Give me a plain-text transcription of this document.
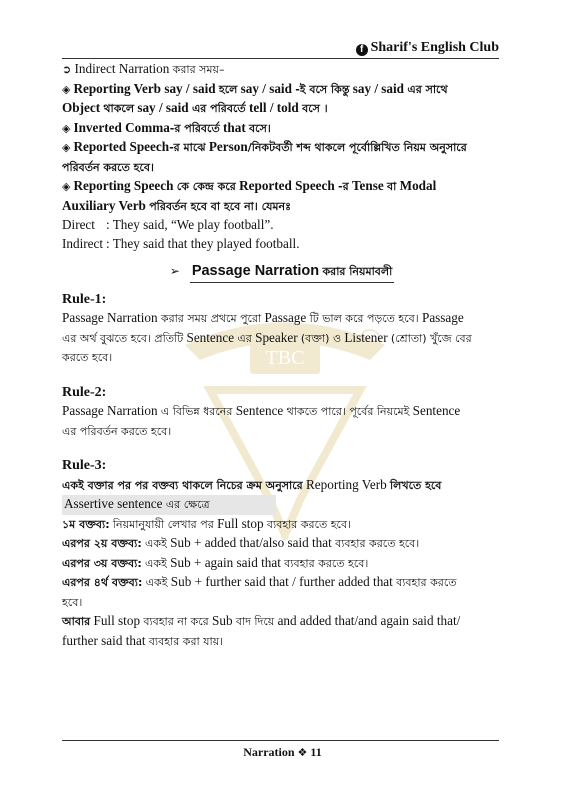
TBC
f Sharif's English Club
➲ Indirect Narration করার সময়–
◈ Reporting Verb say / said হলে say / said -ই বসে কিন্তু say / said এর সাথে
Object থাকলে say / said এর পরিবর্তে tell / told বসে ।
◈ Inverted Comma-র পরিবর্তে that বসে।
◈ Reported Speech-র মাঝে Person/নিকটবর্তী শব্দ থাকলে পূর্বোল্লিখিত নিয়ম অনুসারে
পরিবর্তন করতে হবে।
◈ Reporting Speech কে কেন্দ্র করে Reported Speech -র Tense বা Modal
Auxiliary Verb পরিবর্তন হবে বা হবে না। যেমনঃ
Direct : They said, “We play football”.
Indirect : They said that they played football.
➢ Passage Narration করার নিয়মাবলী
Rule-1:
Passage Narration করার সময় প্রথমে পুরো Passage টি ভাল করে পড়তে হবে। Passage
এর অর্থ বুঝতে হবে। প্রতিটি Sentence এর Speaker (বক্তা) ও Listener (শ্রোতা) খুঁজে বের
করতে হবে।
Rule-2:
Passage Narration এ বিভিন্ন ধরনের Sentence থাকতে পারে। পূর্বের নিয়মেই Sentence
এর পরিবর্তন করতে হবে।
Rule-3:
একই বক্তার পর পর বক্তব্য থাকলে নিচের ক্রম অনুসারে Reporting Verb লিখতে হবে
Assertive sentence এর ক্ষেত্রে
১ম বক্তব্য: নিয়মানুযায়ী লেখার পর Full stop ব্যবহার করতে হবে।
এরপর ২য় বক্তব্য: একই Sub + added that/also said that ব্যবহার করতে হবে।
এরপর ৩য় বক্তব্য: একই Sub + again said that ব্যবহার করতে হবে।
এরপর ৪র্থ বক্তব্য: একই Sub + further said that / further added that ব্যবহার করতে
হবে।
আবার Full stop ব্যবহার না করে Sub বাদ দিয়ে and added that/and again said that/
further said that ব্যবহার করা যায়।
Narration ❖ 11
